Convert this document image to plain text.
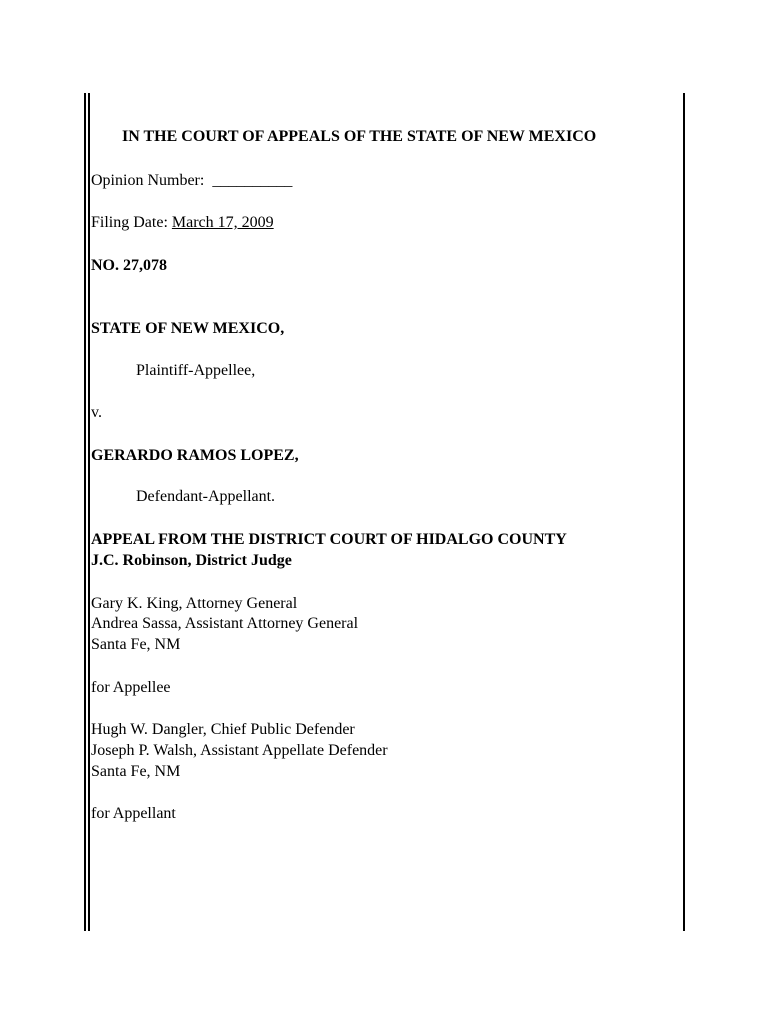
IN THE COURT OF APPEALS OF THE STATE OF NEW MEXICO
Opinion Number: __________
Filing Date: March 17, 2009
NO. 27,078
STATE OF NEW MEXICO,
Plaintiff-Appellee,
v.
GERARDO RAMOS LOPEZ,
Defendant-Appellant.
APPEAL FROM THE DISTRICT COURT OF HIDALGO COUNTY
J.C. Robinson, District Judge
Gary K. King, Attorney General
Andrea Sassa, Assistant Attorney General
Santa Fe, NM
for Appellee
Hugh W. Dangler, Chief Public Defender
Joseph P. Walsh, Assistant Appellate Defender
Santa Fe, NM
for Appellant
